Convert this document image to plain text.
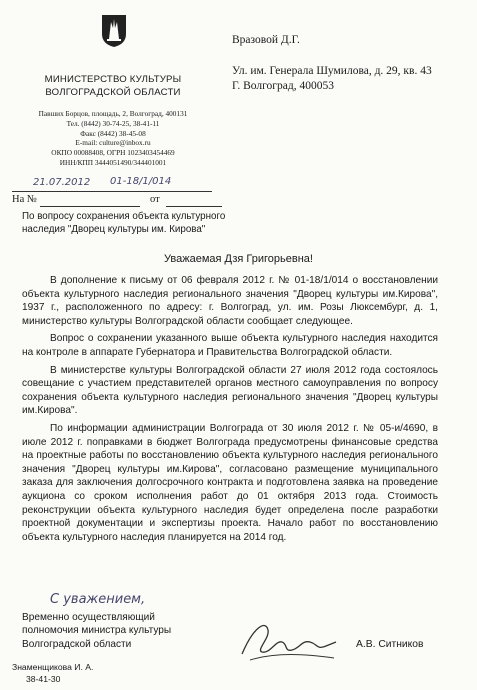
МИНИСТЕРСТВО КУЛЬТУРЫ
ВОЛГОГРАДСКОЙ ОБЛАСТИ
Павших Борцов, площадь, 2, Волгоград, 400131
Тел. (8442) 30-74-25, 38-41-11
Факс (8442) 38-45-08
E-mail: culture@inbox.ru
ОКПО 00088408, ОГРН 1023403454469
ИНН/КПП 3444051490/344401001
Вразовой Д.Г.
Ул. им. Генерала Шумилова, д. 29, кв. 43
Г. Волгоград, 400053
21.07.2012 01-18/1/014
На №	от
По вопросу сохранения объекта культурного наследия "Дворец культуры им. Кирова"
Уважаемая Дзя Григорьевна!

В дополнение к письму от 06 февраля 2012 г. № 01-18/1/014 о восстановлении объекта культурного наследия регионального значения "Дворец культуры им.Кирова", 1937 г., расположенного по адресу: г. Волгоград, ул. им. Розы Люксембург, д. 1, министерство культуры Волгоградской области сообщает следующее.

Вопрос о сохранении указанного выше объекта культурного наследия находится на контроле в аппарате Губернатора и Правительства Волгоградской области.

В министерстве культуры Волгоградской области 27 июля 2012 года состоялось совещание с участием представителей органов местного самоуправления по вопросу сохранения объекта культурного наследия регионального значения "Дворец культуры им.Кирова".

По информации администрации Волгограда от 30 июля 2012 г. № 05-и/4690, в июле 2012 г. поправками в бюджет Волгограда предусмотрены финансовые средства на проектные работы по восстановлению объекта культурного наследия регионального значения "Дворец культуры им.Кирова", согласовано размещение муниципального заказа для заключения долгосрочного контракта и подготовлена заявка на проведение аукциона со сроком исполнения работ до 01 октября 2013 года. Стоимость реконструкции объекта культурного наследия будет определена после разработки проектной документации и экспертизы проекта. Начало работ по восстановлению объекта культурного наследия планируется на 2014 год.

С уважением,
Временно осуществляющий
полномочия министра культуры
Волгоградской области	А.В. Ситников
Знаменщикова И. А.
38-41-30
